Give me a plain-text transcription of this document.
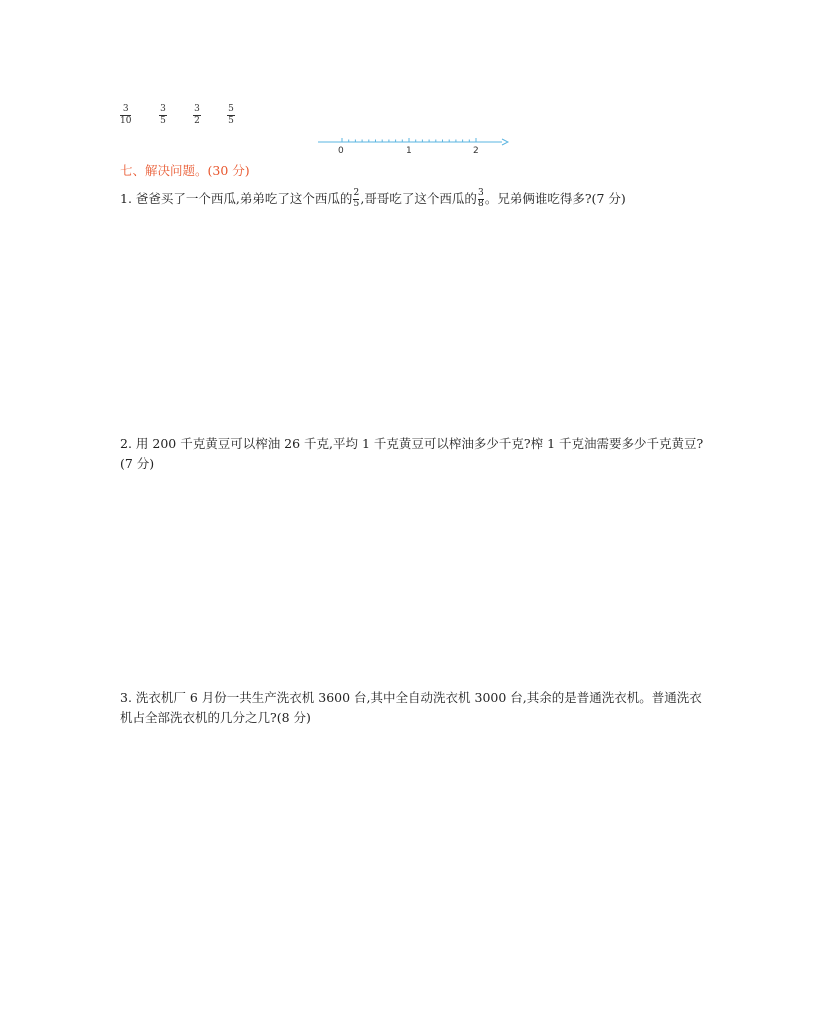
3
10
3
5
3
2
5
5
0	1	2
七、解决问题。(30 分)

1. 爸爸买了一个西瓜,弟弟吃了这个西瓜的 $\frac{2}{5}$ ,哥哥吃了这个西瓜的 $\frac{3}{8}$ 。兄弟俩谁吃得多?(7 分)

2. 用 200 千克黄豆可以榨油 26 千克,平均 1 千克黄豆可以榨油多少千克?榨 1 千克油需要多少千克黄豆?(7 分)

3. 洗衣机厂 6 月份一共生产洗衣机 3600 台,其中全自动洗衣机 3000 台,其余的是普通洗衣机。普通洗衣机占全部洗衣机的几分之几?(8 分)
